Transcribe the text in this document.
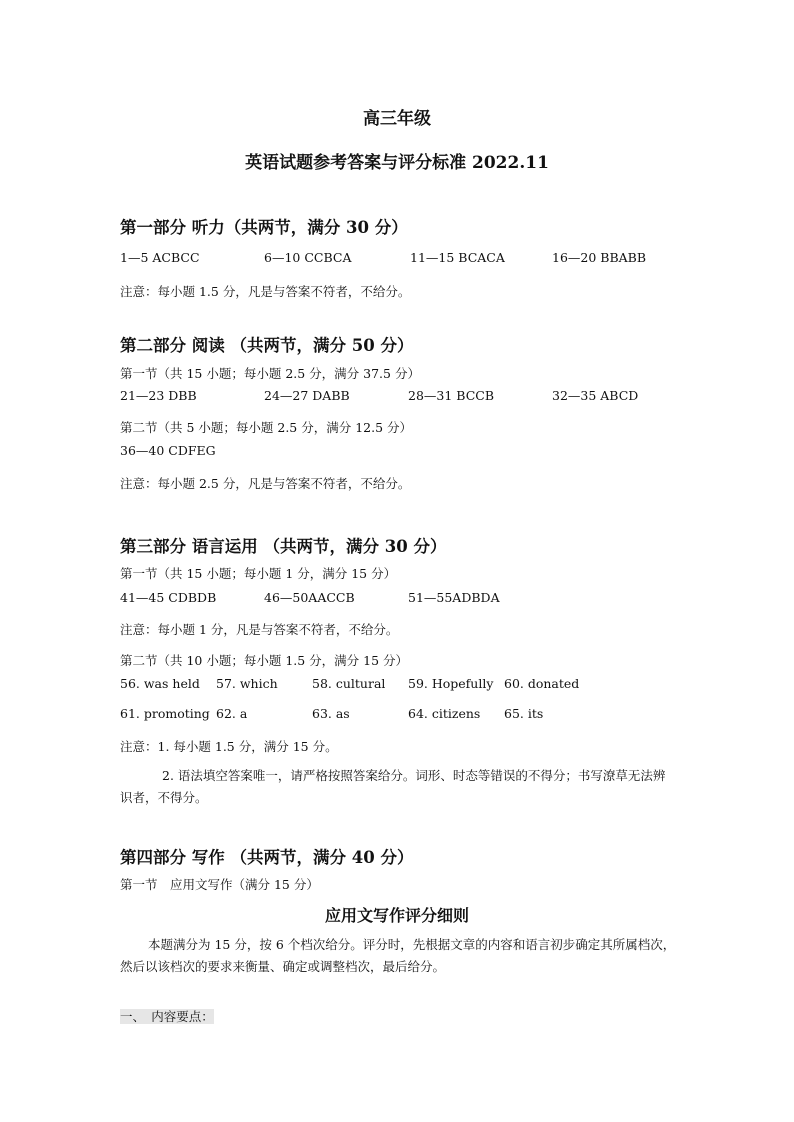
高三年级
英语试题参考答案与评分标准 2022.11
第一部分 听力（共两节，满分 30 分）
1—5 ACBCC	6—10 CCBCA	11—15 BCACA	16—20 BBABB
注意：每小题 1.5 分，凡是与答案不符者，不给分。
第二部分 阅读 （共两节，满分 50 分）
第一节（共 15 小题；每小题 2.5 分，满分 37.5 分）
21—23 DBB	24—27 DABB	28—31 BCCB	32—35 ABCD
第二节（共 5 小题；每小题 2.5 分，满分 12.5 分）
36—40 CDFEG
注意：每小题 2.5 分，凡是与答案不符者，不给分。
第三部分 语言运用 （共两节，满分 30 分）
第一节（共 15 小题；每小题 1 分，满分 15 分）
41—45 CDBDB	46—50AACCB	51—55ADBDA
注意：每小题 1 分，凡是与答案不符者，不给分。
第二节（共 10 小题；每小题 1.5 分，满分 15 分）
56. was held 57. which	58. cultural 59. Hopefully 60. donated
61. promoting 62. a	63. as	64. citizens 65. its
注意：1. 每小题 1.5 分，满分 15 分。
2. 语法填空答案唯一，请严格按照答案给分。词形、时态等错误的不得分；书写潦草无法辨识者，不得分。
第四部分 写作 （共两节，满分 40 分）
第一节　应用文写作（满分 15 分）
应用文写作评分细则
本题满分为 15 分，按 6 个档次给分。评分时，先根据文章的内容和语言初步确定其所属档次，然后以该档次的要求来衡量、确定或调整档次，最后给分。
一、　内容要点：
